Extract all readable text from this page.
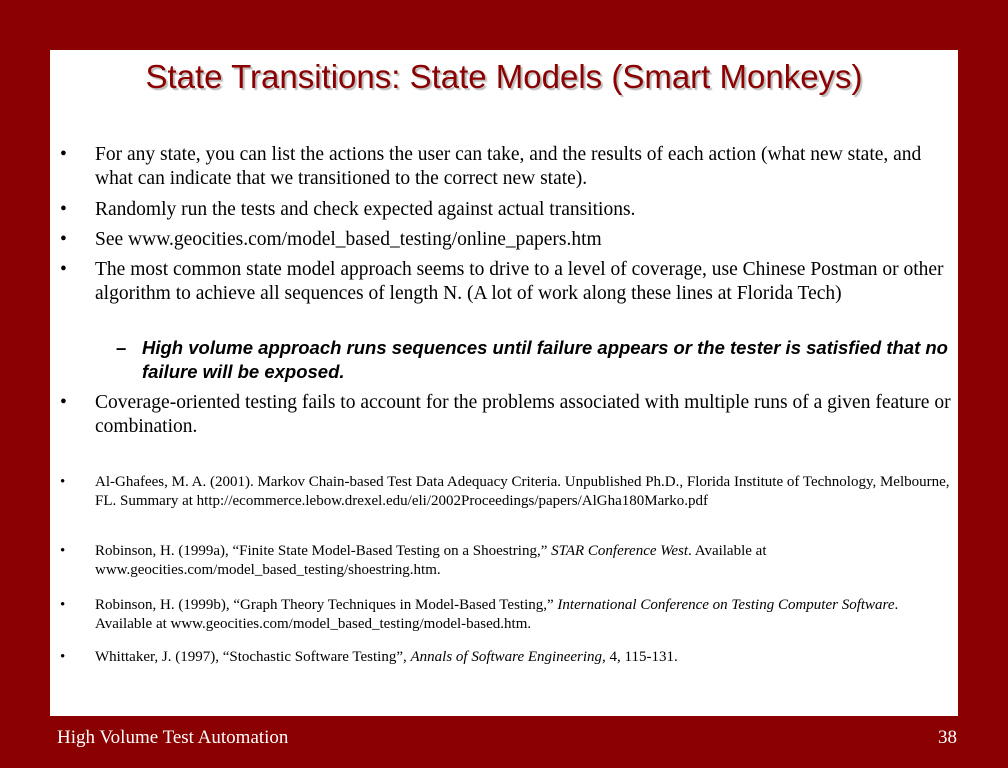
State Transitions: State Models (Smart Monkeys)
• For any state, you can list the actions the user can take, and the results of each action (what new state, and what can indicate that we transitioned to the correct new state).
• Randomly run the tests and check expected against actual transitions.
• See www.geocities.com/model_based_testing/online_papers.htm
• The most common state model approach seems to drive to a level of coverage, use Chinese Postman or other algorithm to achieve all sequences of length N. (A lot of work along these lines at Florida Tech)
– High volume approach runs sequences until failure appears or the tester is satisfied that no failure will be exposed.
• Coverage-oriented testing fails to account for the problems associated with multiple runs of a given feature or combination.
• Al-Ghafees, M. A. (2001). Markov Chain-based Test Data Adequacy Criteria. Unpublished Ph.D., Florida Institute of Technology, Melbourne, FL. Summary at http://ecommerce.lebow.drexel.edu/eli/2002Proceedings/papers/AlGha180Marko.pdf
• Robinson, H. (1999a), “Finite State Model-Based Testing on a Shoestring,” STAR Conference West. Available at www.geocities.com/model_based_testing/shoestring.htm.
• Robinson, H. (1999b), “Graph Theory Techniques in Model-Based Testing,” International Conference on Testing Computer Software. Available at www.geocities.com/model_based_testing/model-based.htm.
• Whittaker, J. (1997), “Stochastic Software Testing”, Annals of Software Engineering, 4, 115-131.
High Volume Test Automation	38
